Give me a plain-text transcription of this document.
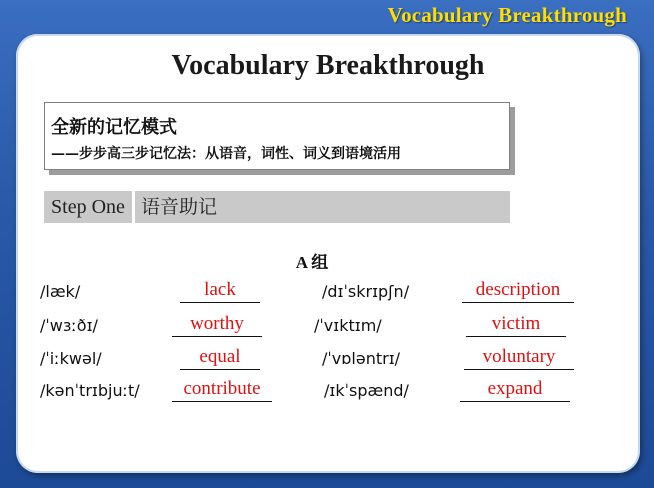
Vocabulary Breakthrough
Vocabulary Breakthrough
全新的记忆模式
——步步高三步记忆法：从语音，词性、词义到语境活用
Step One 语音助记
A 组
/læk/	lack	/dɪˈskrɪpʃn/	description
/ˈwɜːðɪ/	worthy	/ˈvɪktɪm/	victim
/ˈiːkwəl/	equal	/ˈvɒləntrɪ/	voluntary
/kənˈtrɪbjuːt/	contribute	/ɪkˈspænd/	expand
